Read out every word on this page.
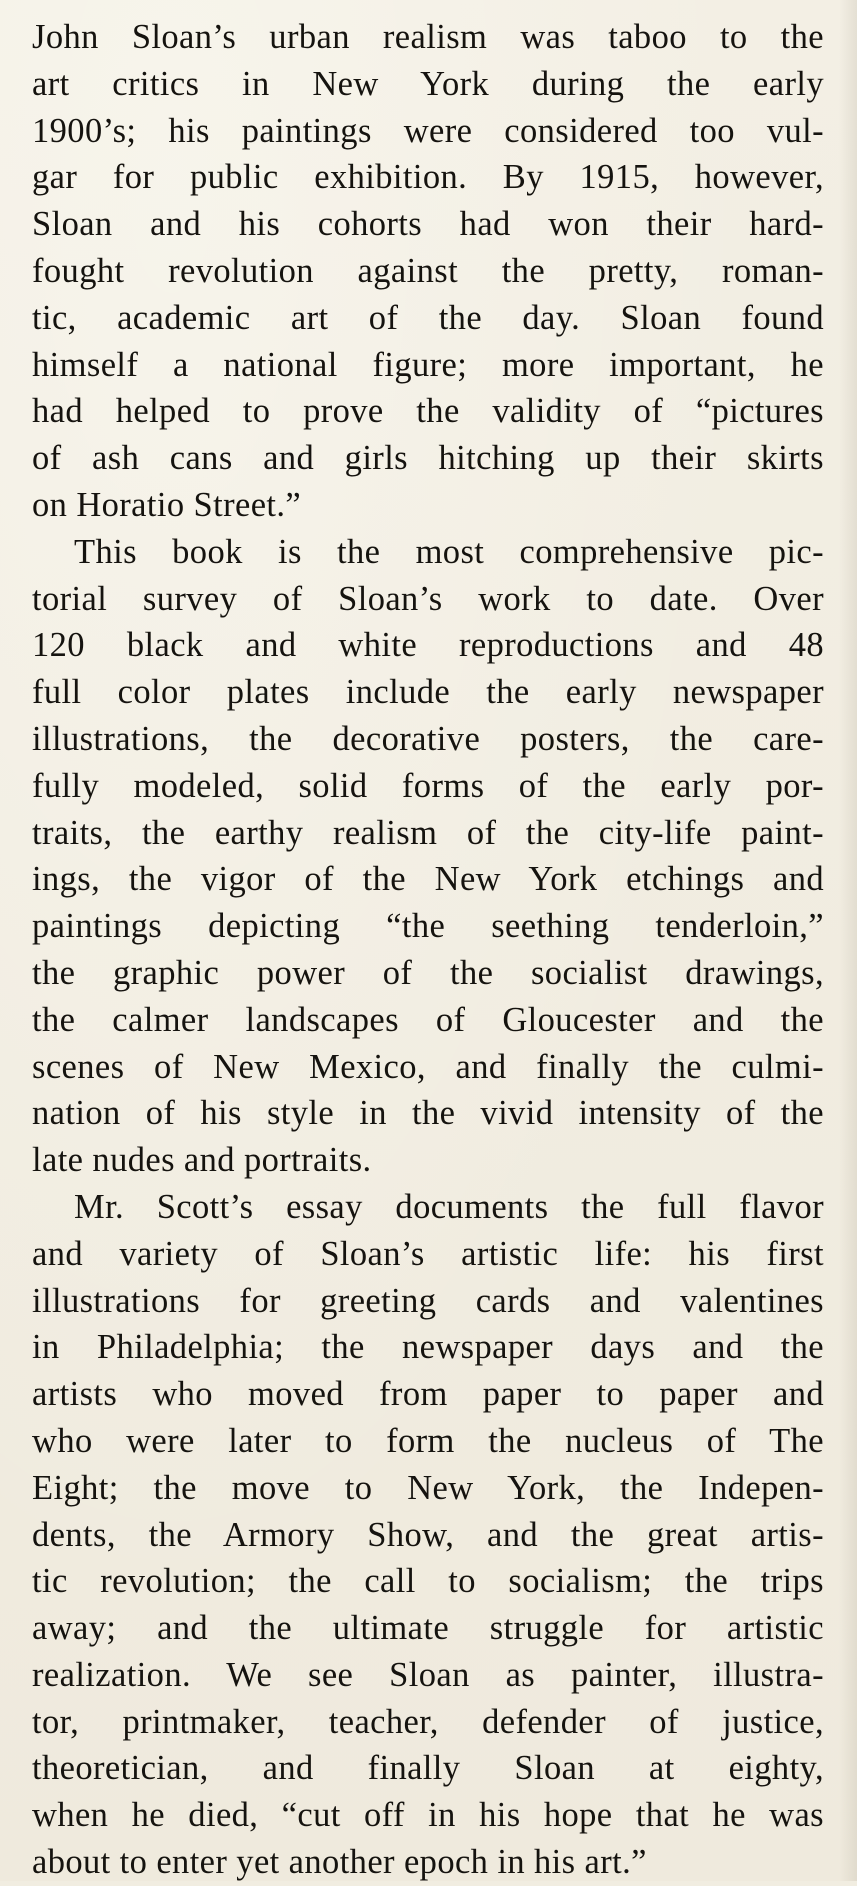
John Sloan’s urban realism was taboo to the
art critics in New York during the early
1900’s; his paintings were considered too vul-
gar for public exhibition. By 1915, however,
Sloan and his cohorts had won their hard-
fought revolution against the pretty, roman-
tic, academic art of the day. Sloan found
himself a national figure; more important, he
had helped to prove the validity of “pictures
of ash cans and girls hitching up their skirts
on Horatio Street.”
This book is the most comprehensive pic-
torial survey of Sloan’s work to date. Over
120 black and white reproductions and 48
full color plates include the early newspaper
illustrations, the decorative posters, the care-
fully modeled, solid forms of the early por-
traits, the earthy realism of the city-life paint-
ings, the vigor of the New York etchings and
paintings depicting “the seething tenderloin,”
the graphic power of the socialist drawings,
the calmer landscapes of Gloucester and the
scenes of New Mexico, and finally the culmi-
nation of his style in the vivid intensity of the
late nudes and portraits.
Mr. Scott’s essay documents the full flavor
and variety of Sloan’s artistic life: his first
illustrations for greeting cards and valentines
in Philadelphia; the newspaper days and the
artists who moved from paper to paper and
who were later to form the nucleus of The
Eight; the move to New York, the Indepen-
dents, the Armory Show, and the great artis-
tic revolution; the call to socialism; the trips
away; and the ultimate struggle for artistic
realization. We see Sloan as painter, illustra-
tor, printmaker, teacher, defender of justice,
theoretician, and finally Sloan at eighty,
when he died, “cut off in his hope that he was
about to enter yet another epoch in his art.”
